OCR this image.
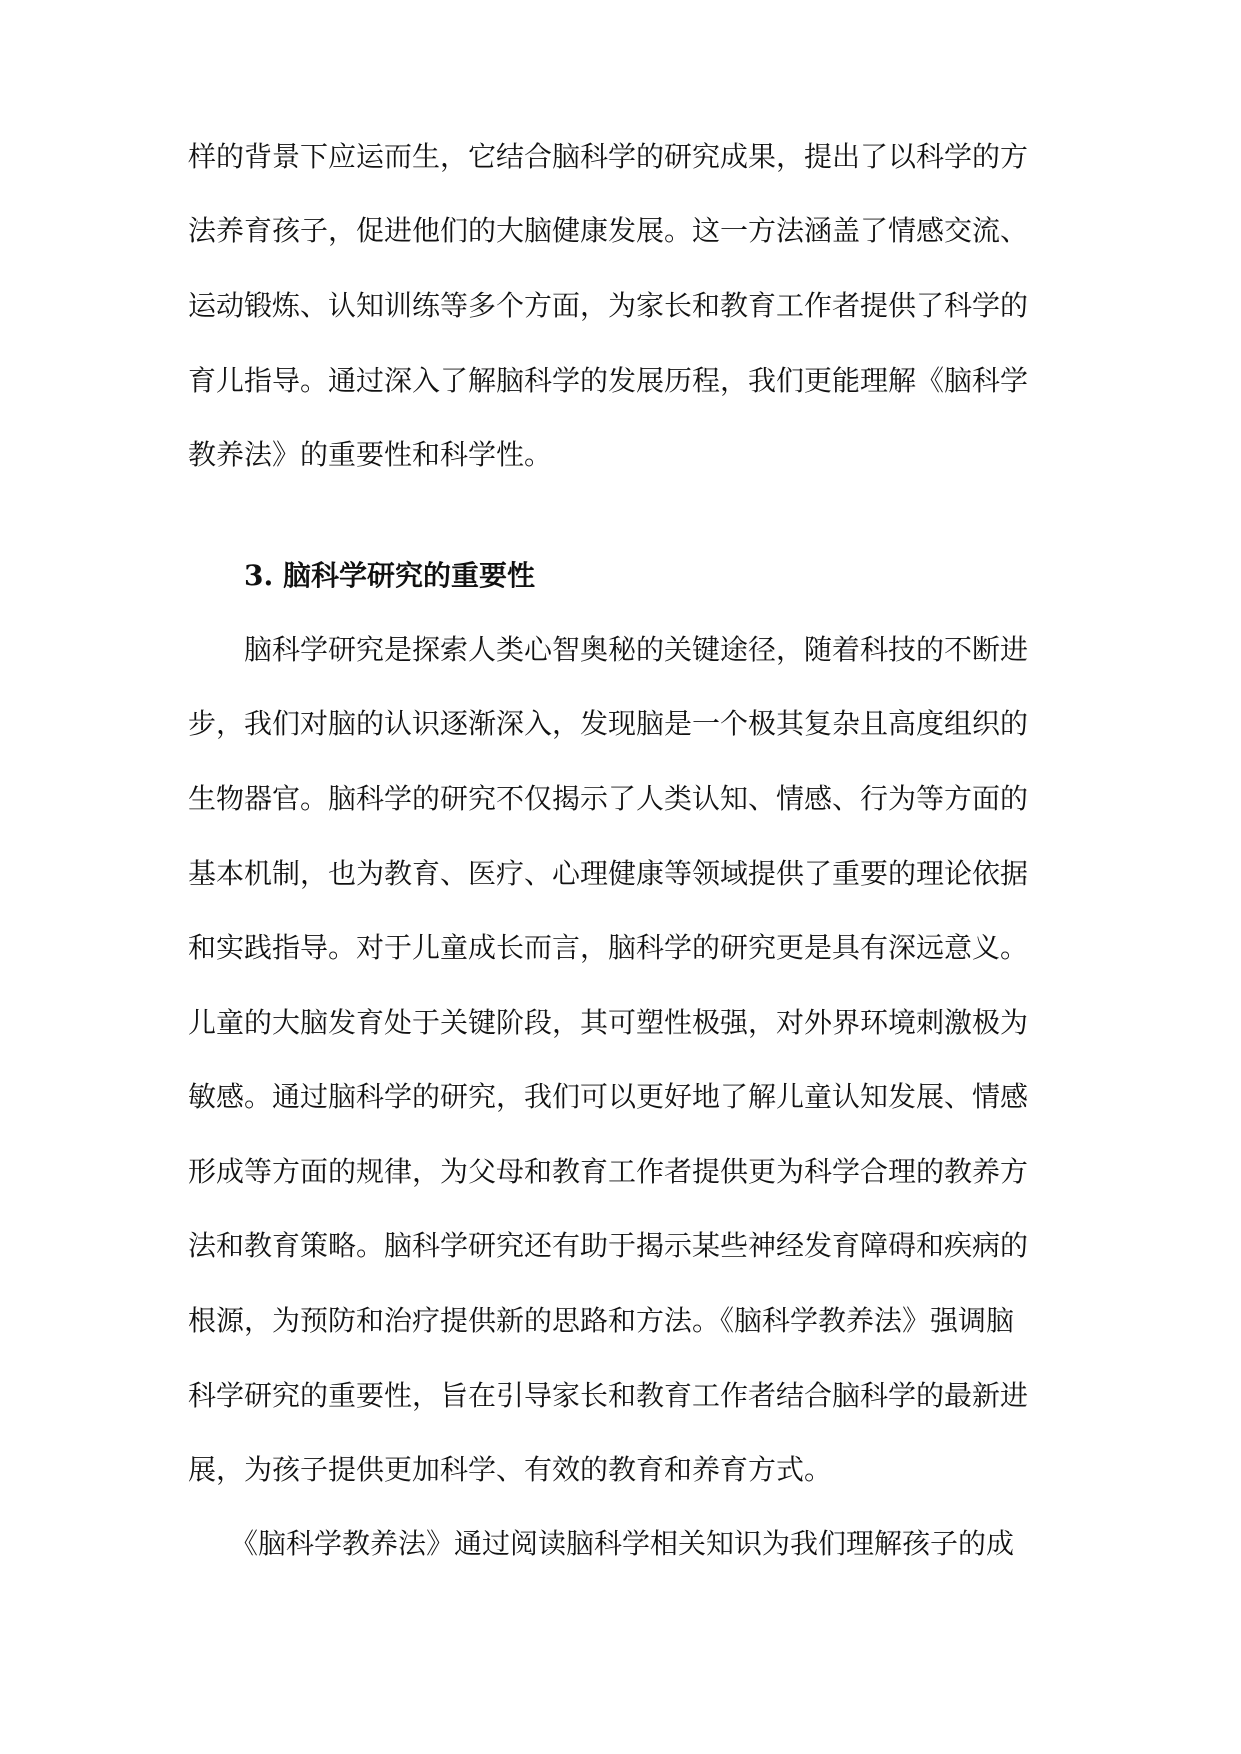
样的背景下应运而生，它结合脑科学的研究成果，提出了以科学的方
法养育孩子，促进他们的大脑健康发展。这一方法涵盖了情感交流、
运动锻炼、认知训练等多个方面，为家长和教育工作者提供了科学的
育儿指导。通过深入了解脑科学的发展历程，我们更能理解《脑科学
教养法》的重要性和科学性。
3. 脑科学研究的重要性
　　脑科学研究是探索人类心智奥秘的关键途径，随着科技的不断进
步，我们对脑的认识逐渐深入，发现脑是一个极其复杂且高度组织的
生物器官。脑科学的研究不仅揭示了人类认知、情感、行为等方面的
基本机制，也为教育、医疗、心理健康等领域提供了重要的理论依据
和实践指导。对于儿童成长而言，脑科学的研究更是具有深远意义。
儿童的大脑发育处于关键阶段，其可塑性极强，对外界环境刺激极为
敏感。通过脑科学的研究，我们可以更好地了解儿童认知发展、情感
形成等方面的规律，为父母和教育工作者提供更为科学合理的教养方
法和教育策略。脑科学研究还有助于揭示某些神经发育障碍和疾病的
根源，为预防和治疗提供新的思路和方法。《脑科学教养法》强调脑
科学研究的重要性，旨在引导家长和教育工作者结合脑科学的最新进
展，为孩子提供更加科学、有效的教育和养育方式。
　　《脑科学教养法》通过阅读脑科学相关知识为我们理解孩子的成
